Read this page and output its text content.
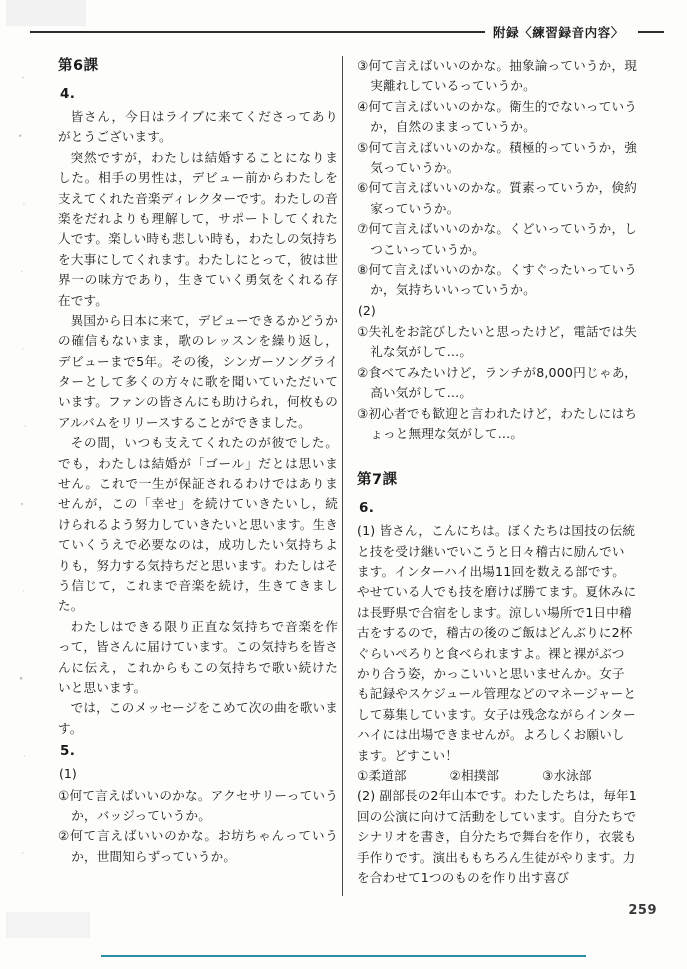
附録〈練習録音内容〉
第6課
4.

皆さん，今日はライブに来てくださってありがとうございます。

突然ですが，わたしは結婚することになりました。相手の男性は，デビュー前からわたしを支えてくれた音楽ディレクターです。わたしの音楽をだれよりも理解して，サポートしてくれた人です。楽しい時も悲しい時も，わたしの気持ちを大事にしてくれます。わたしにとって，彼は世界一の味方であり，生きていく勇気をくれる存在です。

異国から日本に来て，デビューできるかどうかの確信もないまま，歌のレッスンを繰り返し，デビューまで5年。その後，シンガーソングライターとして多くの方々に歌を聞いていただいています。ファンの皆さんにも助けられ，何枚ものアルバムをリリースすることができました。

その間，いつも支えてくれたのが彼でした。でも，わたしは結婚が「ゴール」だとは思いません。これで一生が保証されるわけではありませんが，この「幸せ」を続けていきたいし，続けられるよう努力していきたいと思います。生きていくうえで必要なのは，成功したい気持ちよりも，努力する気持ちだと思います。わたしはそう信じて，これまで音楽を続け，生きてきました。

わたしはできる限り正直な気持ちで音楽を作って，皆さんに届けています。この気持ちを皆さんに伝え，これからもこの気持ちで歌い続けたいと思います。

では，このメッセージをこめて次の曲を歌います。

5.
(1)

①何て言えばいいのかな。アクセサリーっていうか，バッジっていうか。

②何て言えばいいのかな。お坊ちゃんっていうか，世間知らずっていうか。

③何て言えばいいのかな。抽象論っていうか，現実離れしているっていうか。

④何て言えばいいのかな。衛生的でないっていうか，自然のままっていうか。

⑤何て言えばいいのかな。積極的っていうか，強気っていうか。

⑥何て言えばいいのかな。質素っていうか，倹約家っていうか。

⑦何て言えばいいのかな。くどいっていうか，しつこいっていうか。

⑧何て言えばいいのかな。くすぐったいっていうか，気持ちいいっていうか。

(2)

①失礼をお詫びしたいと思ったけど，電話では失礼な気がして…。

②食べてみたいけど，ランチが8,000円じゃあ，高い気がして…。

③初心者でも歓迎と言われたけど，わたしにはちょっと無理な気がして…。

第7課
6.

(1) 皆さん，こんにちは。ぼくたちは国技の伝統と技を受け継いでいこうと日々稽古に励んでいます。インターハイ出場11回を数える部です。やせている人でも技を磨けば勝てます。夏休みには長野県で合宿をします。涼しい場所で1日中稽古をするので，稽古の後のご飯はどんぶりに2杯ぐらいぺろりと食べられますよ。裸と裸がぶつかり合う姿，かっこいいと思いませんか。女子も記録やスケジュール管理などのマネージャーとして募集しています。女子は残念ながらインターハイには出場できませんが。よろしくお願いします。どすこい！

①柔道部	②相撲部	③水泳部

(2) 副部長の2年山本です。わたしたちは，毎年1回の公演に向けて活動をしています。自分たちでシナリオを書き，自分たちで舞台を作り，衣裳も手作りです。演出ももちろん生徒がやります。力を合わせて1つのものを作り出す喜び

259
